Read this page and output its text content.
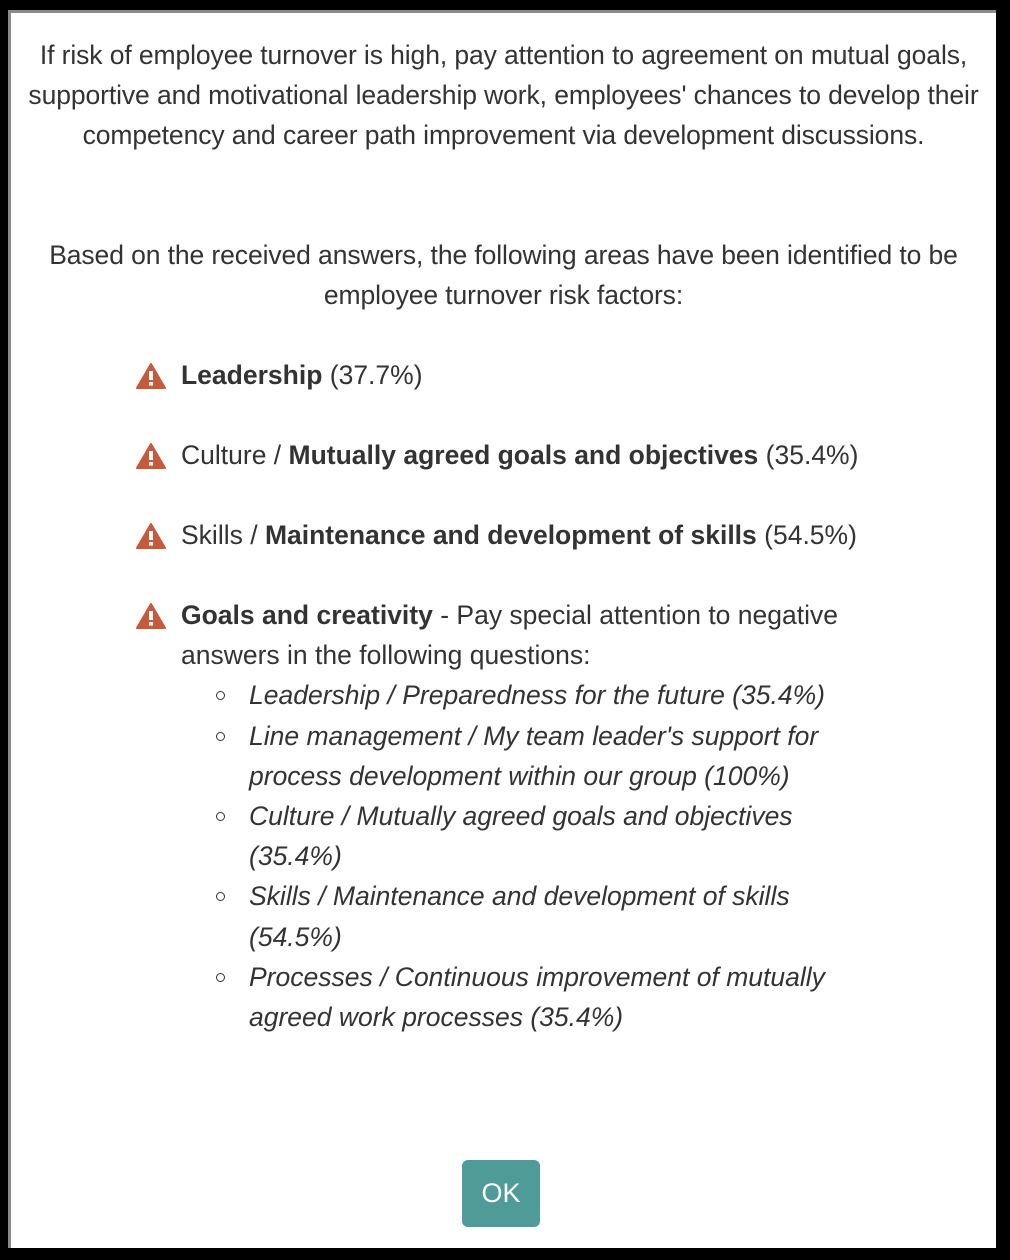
If risk of employee turnover is high, pay attention to agreement on mutual goals, supportive and motivational leadership work, employees' chances to develop their competency and career path improvement via development discussions.

Based on the received answers, the following areas have been identified to be employee turnover risk factors:

Leadership (37.7%)
Culture / Mutually agreed goals and objectives (35.4%)
Skills / Maintenance and development of skills (54.5%)
Goals and creativity - Pay special attention to negative answers in the following questions:
Leadership / Preparedness for the future (35.4%)
Line management / My team leader's support for process development within our group (100%)
Culture / Mutually agreed goals and objectives (35.4%)
Skills / Maintenance and development of skills (54.5%)
Processes / Continuous improvement of mutually agreed work processes (35.4%)
OK
